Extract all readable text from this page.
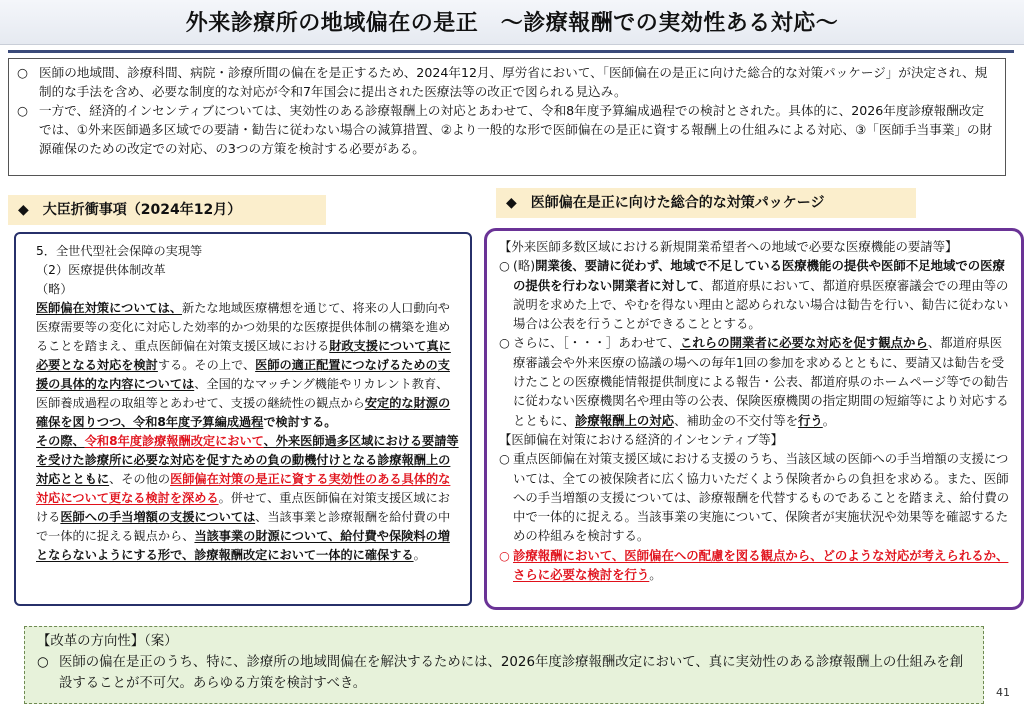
外来診療所の地域偏在の是正　～診療報酬での実効性ある対応～
○ 医師の地域間、診療科間、病院・診療所間の偏在を是正するため、2024年12月、厚労省において、「医師偏在の是正に向けた総合的な対策パッケージ」が決定され、規制的な手法を含め、必要な制度的な対応が令和7年国会に提出された医療法等の改正で図られる見込み。
○ 一方で、経済的インセンティブについては、実効性のある診療報酬上の対応とあわせて、令和8年度予算編成過程での検討とされた。具体的に、2026年度診療報酬改定では、①外来医師過多区域での要請・勧告に従わない場合の減算措置、②より一般的な形で医師偏在の是正に資する報酬上の仕組みによる対応、③「医師手当事業」の財源確保のための改定での対応、の3つの方策を検討する必要がある。
◆　大臣折衝事項（2024年12月）	◆　医師偏在是正に向けた総合的な対策パッケージ

5．全世代型社会保障の実現等

（2）医療提供体制改革

（略）

医師偏在対策については、新たな地域医療構想を通じて、将来の人口動向や医療需要等の変化に対応した効率的かつ効果的な医療提供体制の構築を進めることを踏まえ、重点医師偏在対策支援区域における財政支援について真に必要となる対応を検討する。その上で、医師の適正配置につなげるための支援の具体的な内容については、全国的なマッチング機能やリカレント教育、医師養成過程の取組等とあわせて、支援の継続性の観点から安定的な財源の確保を図りつつ、令和8年度予算編成過程で検討する。

その際、令和8年度診療報酬改定において、外来医師過多区域における要請等を受けた診療所に必要な対応を促すための負の動機付けとなる診療報酬上の対応とともに、その他の医師偏在対策の是正に資する実効性のある具体的な対応について更なる検討を深める。併せて、重点医師偏在対策支援区域における医師への手当増額の支援については、当該事業と診療報酬を給付費の中で一体的に捉える観点から、当該事業の財源について、給付費や保険料の増とならないようにする形で、診療報酬改定において一体的に確保する。

【外来医師多数区域における新規開業希望者への地域で必要な医療機能の要請等】

○ (略)開業後、要請に従わず、地域で不足している医療機能の提供や医師不足地域での医療の提供を行わない開業者に対して、都道府県において、都道府県医療審議会での理由等の説明を求めた上で、やむを得ない理由と認められない場合は勧告を行い、勧告に従わない場合は公表を行うことができることとする。
○ さらに、［・・・］あわせて、これらの開業者に必要な対応を促す観点から、都道府県医療審議会や外来医療の協議の場への毎年1回の参加を求めるとともに、要請又は勧告を受けたことの医療機能情報提供制度による報告・公表、都道府県のホームページ等での勧告に従わない医療機関名や理由等の公表、保険医療機関の指定期間の短縮等により対応するとともに、診療報酬上の対応、補助金の不交付等を行う。

【医師偏在対策における経済的インセンティブ等】

○ 重点医師偏在対策支援区域における支援のうち、当該区域の医師への手当増額の支援については、全ての被保険者に広く協力いただくよう保険者からの負担を求める。また、医師への手当増額の支援については、診療報酬を代替するものであることを踏まえ、給付費の中で一体的に捉える。当該事業の実施について、保険者が実施状況や効果等を確認するための枠組みを検討する。
○ 診療報酬において、医師偏在への配慮を図る観点から、どのような対応が考えられるか、さらに必要な検討を行う。
【改革の方向性】（案）
○ 医師の偏在是正のうち、特に、診療所の地域間偏在を解決するためには、2026年度診療報酬改定において、真に実効性のある診療報酬上の仕組みを創設することが不可欠。あらゆる方策を検討すべき。
41
